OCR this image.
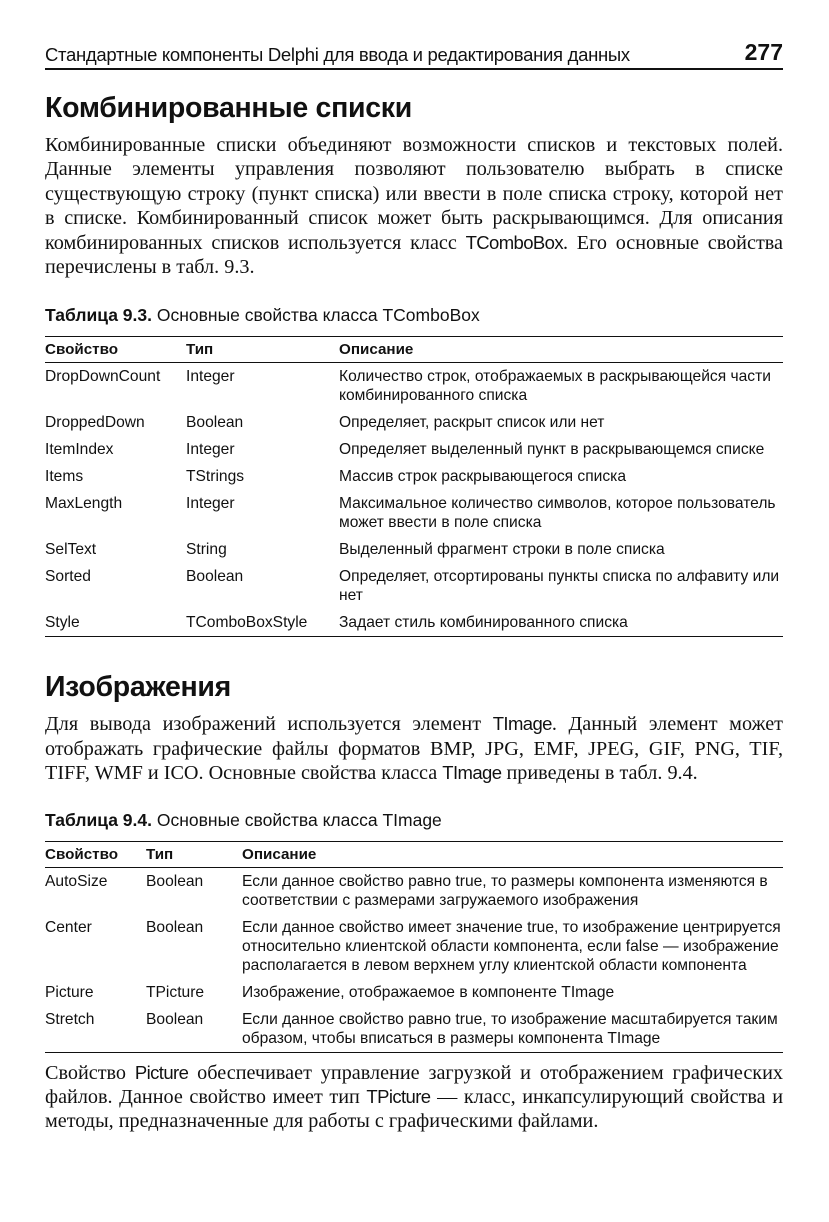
Стандартные компоненты Delphi для ввода и редактирования данных	277
Комбинированные списки

Комбинированные списки объединяют возможности списков и текстовых полей. Данные элементы управления позволяют пользователю выбрать в списке существующую строку (пункт списка) или ввести в поле списка строку, которой нет в списке. Комбинированный список может быть раскрывающимся. Для описания комбинированных списков используется класс TComboBox. Его основные свойства перечислены в табл. 9.3.

Таблица 9.3. Основные свойства класса TComboBox
Свойство	Тип	Описание
DropDownCount	Integer	Количество строк, отображаемых в раскрывающейся части комбинированного списка
DroppedDown	Boolean	Определяет, раскрыт список или нет
ItemIndex	Integer	Определяет выделенный пункт в раскрывающемся списке
Items	TStrings	Массив строк раскрывающегося списка
MaxLength	Integer	Максимальное количество символов, которое пользователь может ввести в поле списка
SelText	String	Выделенный фрагмент строки в поле списка
Sorted	Boolean	Определяет, отсортированы пункты списка по алфавиту или нет
Style	TComboBoxStyle	Задает стиль комбинированного списка
Изображения

Для вывода изображений используется элемент TImage. Данный элемент может отображать графические файлы форматов BMP, JPG, EMF, JPEG, GIF, PNG, TIF, TIFF, WMF и ICO. Основные свойства класса TImage приведены в табл. 9.4.

Таблица 9.4. Основные свойства класса TImage
Свойство	Тип	Описание
AutoSize	Boolean	Если данное свойство равно true, то размеры компонента изменяются в соответствии с размерами загружаемого изображения
Center	Boolean	Если данное свойство имеет значение true, то изображение центрируется относительно клиентской области компонента, если false — изображение располагается в левом верхнем углу клиентской области компонента
Picture	TPicture	Изображение, отображаемое в компоненте TImage
Stretch	Boolean	Если данное свойство равно true, то изображение масштабируется таким образом, чтобы вписаться в размеры компонента TImage

Свойство Picture обеспечивает управление загрузкой и отображением графических файлов. Данное свойство имеет тип TPicture — класс, инкапсулирующий свойства и методы, предназначенные для работы с графическими файлами.
